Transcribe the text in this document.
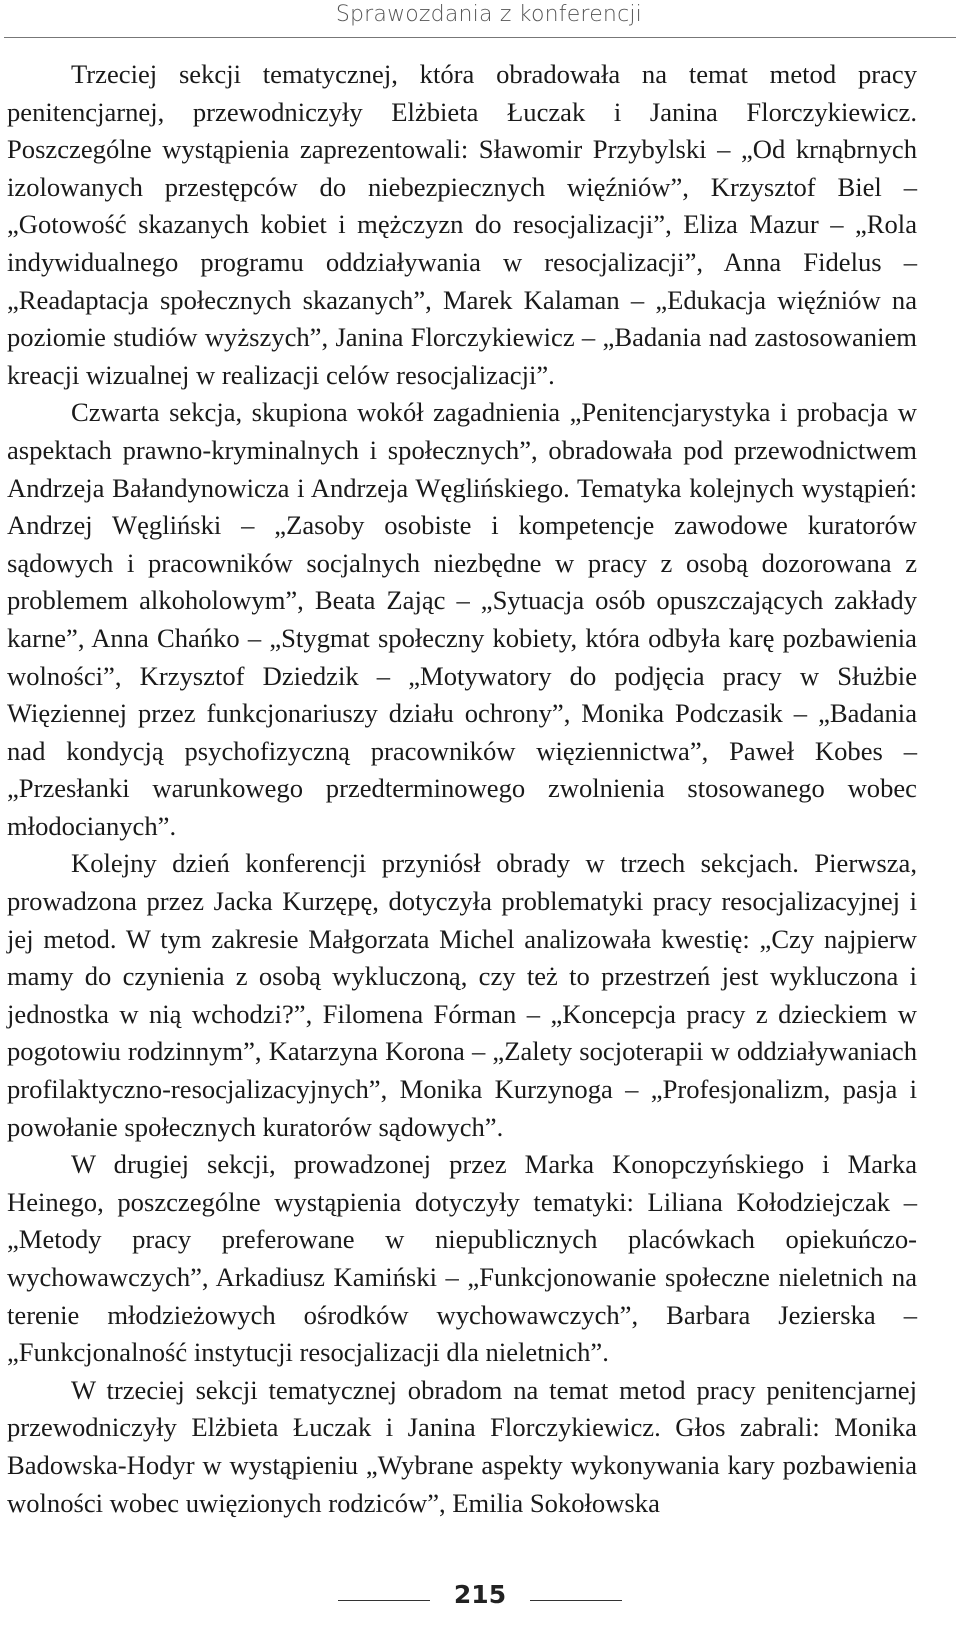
Sprawozdania z konferencji

Trzeciej sekcji tematycznej, która obradowała na temat metod pracy penitencjarnej, przewodniczyły Elżbieta Łuczak i Janina Florczykiewicz. Poszczególne wystąpienia zaprezentowali: Sławomir Przybylski – „Od krnąbrnych izolowanych przestępców do niebezpiecznych więźniów”, Krzysztof Biel – „Gotowość skazanych kobiet i mężczyzn do resocjalizacji”, Eliza Mazur – „Rola indywidualnego programu oddziaływania w resocjalizacji”, Anna Fidelus – „Readaptacja społecznych skazanych”, Marek Kalaman – „Edukacja więźniów na poziomie studiów wyższych”, Janina Florczykiewicz – „Badania nad zastosowaniem kreacji wizualnej w realizacji celów resocjalizacji”.

Czwarta sekcja, skupiona wokół zagadnienia „Penitencjarystyka i probacja w aspektach prawno-kryminalnych i społecznych”, obradowała pod przewodnictwem Andrzeja Bałandynowicza i Andrzeja Węglińskiego. Tematyka kolejnych wystąpień: Andrzej Węgliński – „Zasoby osobiste i kompetencje zawodowe kuratorów sądowych i pracowników socjalnych niezbędne w pracy z osobą dozorowana z problemem alkoholowym”, Beata Zając – „Sytuacja osób opuszczających zakłady karne”, Anna Chańko – „Stygmat społeczny kobiety, która odbyła karę pozbawienia wolności”, Krzysztof Dziedzik – „Motywatory do podjęcia pracy w Służbie Więziennej przez funkcjonariuszy działu ochrony”, Monika Podczasik – „Badania nad kondycją psychofizyczną pracowników więziennictwa”, Paweł Kobes – „Przesłanki warunkowego przedterminowego zwolnienia stosowanego wobec młodocianych”.

Kolejny dzień konferencji przyniósł obrady w trzech sekcjach. Pierwsza, prowadzona przez Jacka Kurzępę, dotyczyła problematyki pracy resocjalizacyjnej i jej metod. W tym zakresie Małgorzata Michel analizowała kwestię: „Czy najpierw mamy do czynienia z osobą wykluczoną, czy też to przestrzeń jest wykluczona i jednostka w nią wchodzi?”, Filomena Fórman – „Koncepcja pracy z dzieckiem w pogotowiu rodzinnym”, Katarzyna Korona – „Zalety socjoterapii w oddziaływaniach profilaktyczno-resocjalizacyjnych”, Monika Kurzynoga – „Profesjonalizm, pasja i powołanie społecznych kuratorów sądowych”.

W drugiej sekcji, prowadzonej przez Marka Konopczyńskiego i Marka Heinego, poszczególne wystąpienia dotyczyły tematyki: Liliana Kołodziejczak – „Metody pracy preferowane w niepublicznych placówkach opiekuńczo-wychowawczych”, Arkadiusz Kamiński – „Funkcjonowanie społeczne nieletnich na terenie młodzieżowych ośrodków wychowawczych”, Barbara Jezierska – „Funkcjonalność instytucji resocjalizacji dla nieletnich”.

W trzeciej sekcji tematycznej obradom na temat metod pracy penitencjarnej przewodniczyły Elżbieta Łuczak i Janina Florczykiewicz. Głos zabrali: Monika Badowska-Hodyr w wystąpieniu „Wybrane aspekty wykonywania kary pozbawienia wolności wobec uwięzionych rodziców”, Emilia Sokołowska

215
